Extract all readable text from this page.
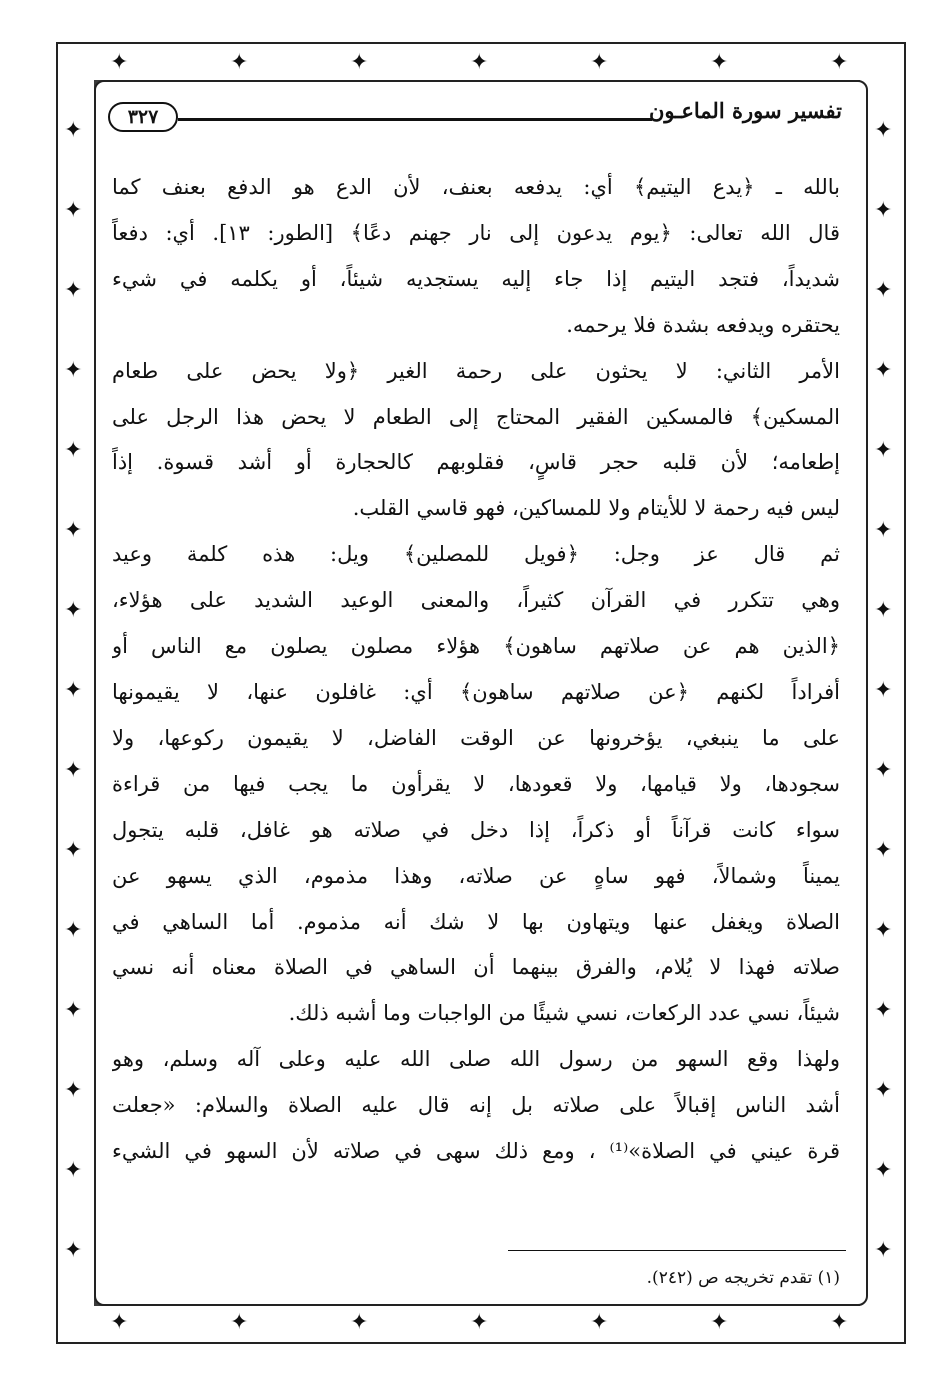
✦
✦
✦
✦
✦
✦
✦
✦
✦
✦
✦
✦
✦
✦
✦	✦
✦	✦
✦	✦
✦	✦
✦	✦
✦	✦
✦	✦
✦	✦
✦	✦
✦	✦
✦	✦
✦	✦
✦	✦
✦	✦
✦	✦
تفسير سورة الماعـون
٣٢٧
بالله ـ ﴿يدع اليتيم﴾ أي: يدفعه بعنف، لأن الدع هو الدفع بعنف كما
قال الله تعالى: ﴿يوم يدعون إلى نار جهنم دعًا﴾ [الطور: ١٣]. أي: دفعاً
شديداً، فتجد اليتيم إذا جاء إليه يستجديه شيئاً، أو يكلمه في شيء
يحتقره ويدفعه بشدة فلا يرحمه.
الأمر الثاني: لا يحثون على رحمة الغير ﴿ولا يحض على طعام
المسكين﴾ فالمسكين الفقير المحتاج إلى الطعام لا يحض هذا الرجل على
إطعامه؛ لأن قلبه حجر قاسٍ، فقلوبهم كالحجارة أو أشد قسوة. إذاً
ليس فيه رحمة لا للأيتام ولا للمساكين، فهو قاسي القلب.
ثم قال عز وجل: ﴿فويل للمصلين﴾ ويل: هذه كلمة وعيد
وهي تتكرر في القرآن كثيراً، والمعنى الوعيد الشديد على هؤلاء،
﴿الذين هم عن صلاتهم ساهون﴾ هؤلاء مصلون يصلون مع الناس أو
أفراداً لكنهم ﴿عن صلاتهم ساهون﴾ أي: غافلون عنها، لا يقيمونها
على ما ينبغي، يؤخرونها عن الوقت الفاضل، لا يقيمون ركوعها، ولا
سجودها، ولا قيامها، ولا قعودها، لا يقرأون ما يجب فيها من قراءة
سواء كانت قرآناً أو ذكراً، إذا دخل في صلاته هو غافل، قلبه يتجول
يميناً وشمالاً، فهو ساهٍ عن صلاته، وهذا مذموم، الذي يسهو عن
الصلاة ويغفل عنها ويتهاون بها لا شك أنه مذموم. أما الساهي في
صلاته فهذا لا يُلام، والفرق بينهما أن الساهي في الصلاة معناه أنه نسي
شيئاً، نسي عدد الركعات، نسي شيئًا من الواجبات وما أشبه ذلك.
ولهذا وقع السهو من رسول الله صلى الله عليه وعلى آله وسلم، وهو
أشد الناس إقبالاً على صلاته بل إنه قال عليه الصلاة والسلام: «جعلت
قرة عيني في الصلاة»⁽¹⁾ ، ومع ذلك سهى في صلاته لأن السهو في الشيء
(١) تقدم تخريجه ص (٢٤٢).
